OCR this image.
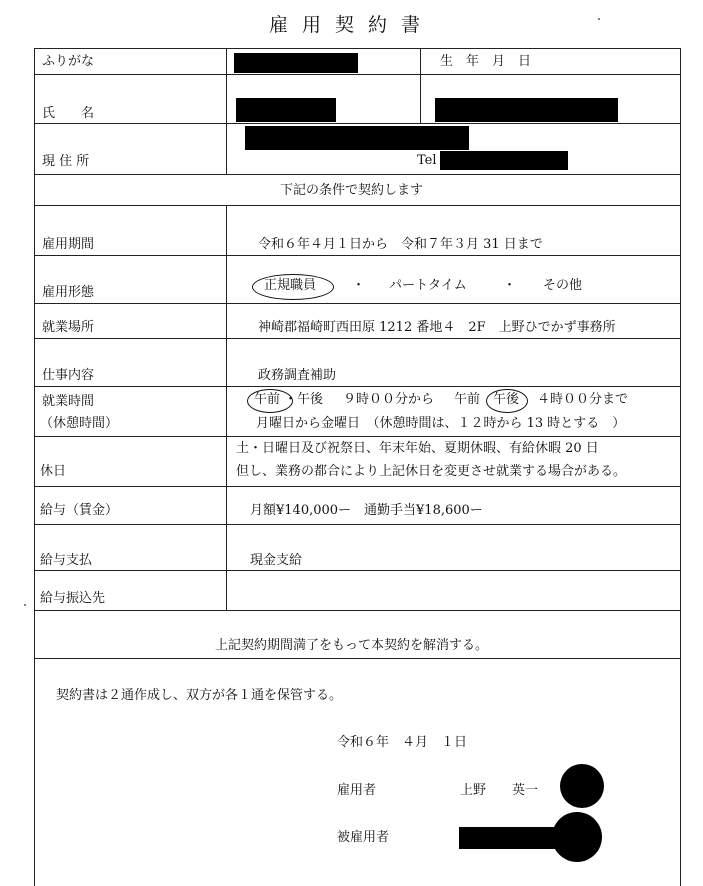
雇用契約書
ふりがな	生　年　月　日
氏　　名
現 住 所	Tel
下記の条件で契約します
雇用期間	令和６年４月１日から　令和７年３月 31 日まで
雇用形態	正規職員	・ パートタイム	・ その他
就業場所	神崎郡福崎町西田原 1212 番地４　2F　上野ひでかず事務所
仕事内容	政務調査補助
就業時間
（休憩時間）
午前 ・午後 ９時００分から 午前 午後 ４時００分まで
月曜日から金曜日　（休憩時間は、１２時から 13 時とする　）
休日
土・日曜日及び祝祭日、年末年始、夏期休暇、有給休暇 20 日
但し、業務の都合により上記休日を変更させ就業する場合がある。
給与（賃金）	月額¥140,000ー　通勤手当¥18,600ー
給与支払	現金支給
給与振込先
上記契約期間満了をもって本契約を解消する。
契約書は２通作成し、双方が各１通を保管する。
令和６年　４月　１日
雇用者	上野　　英一
被雇用者
